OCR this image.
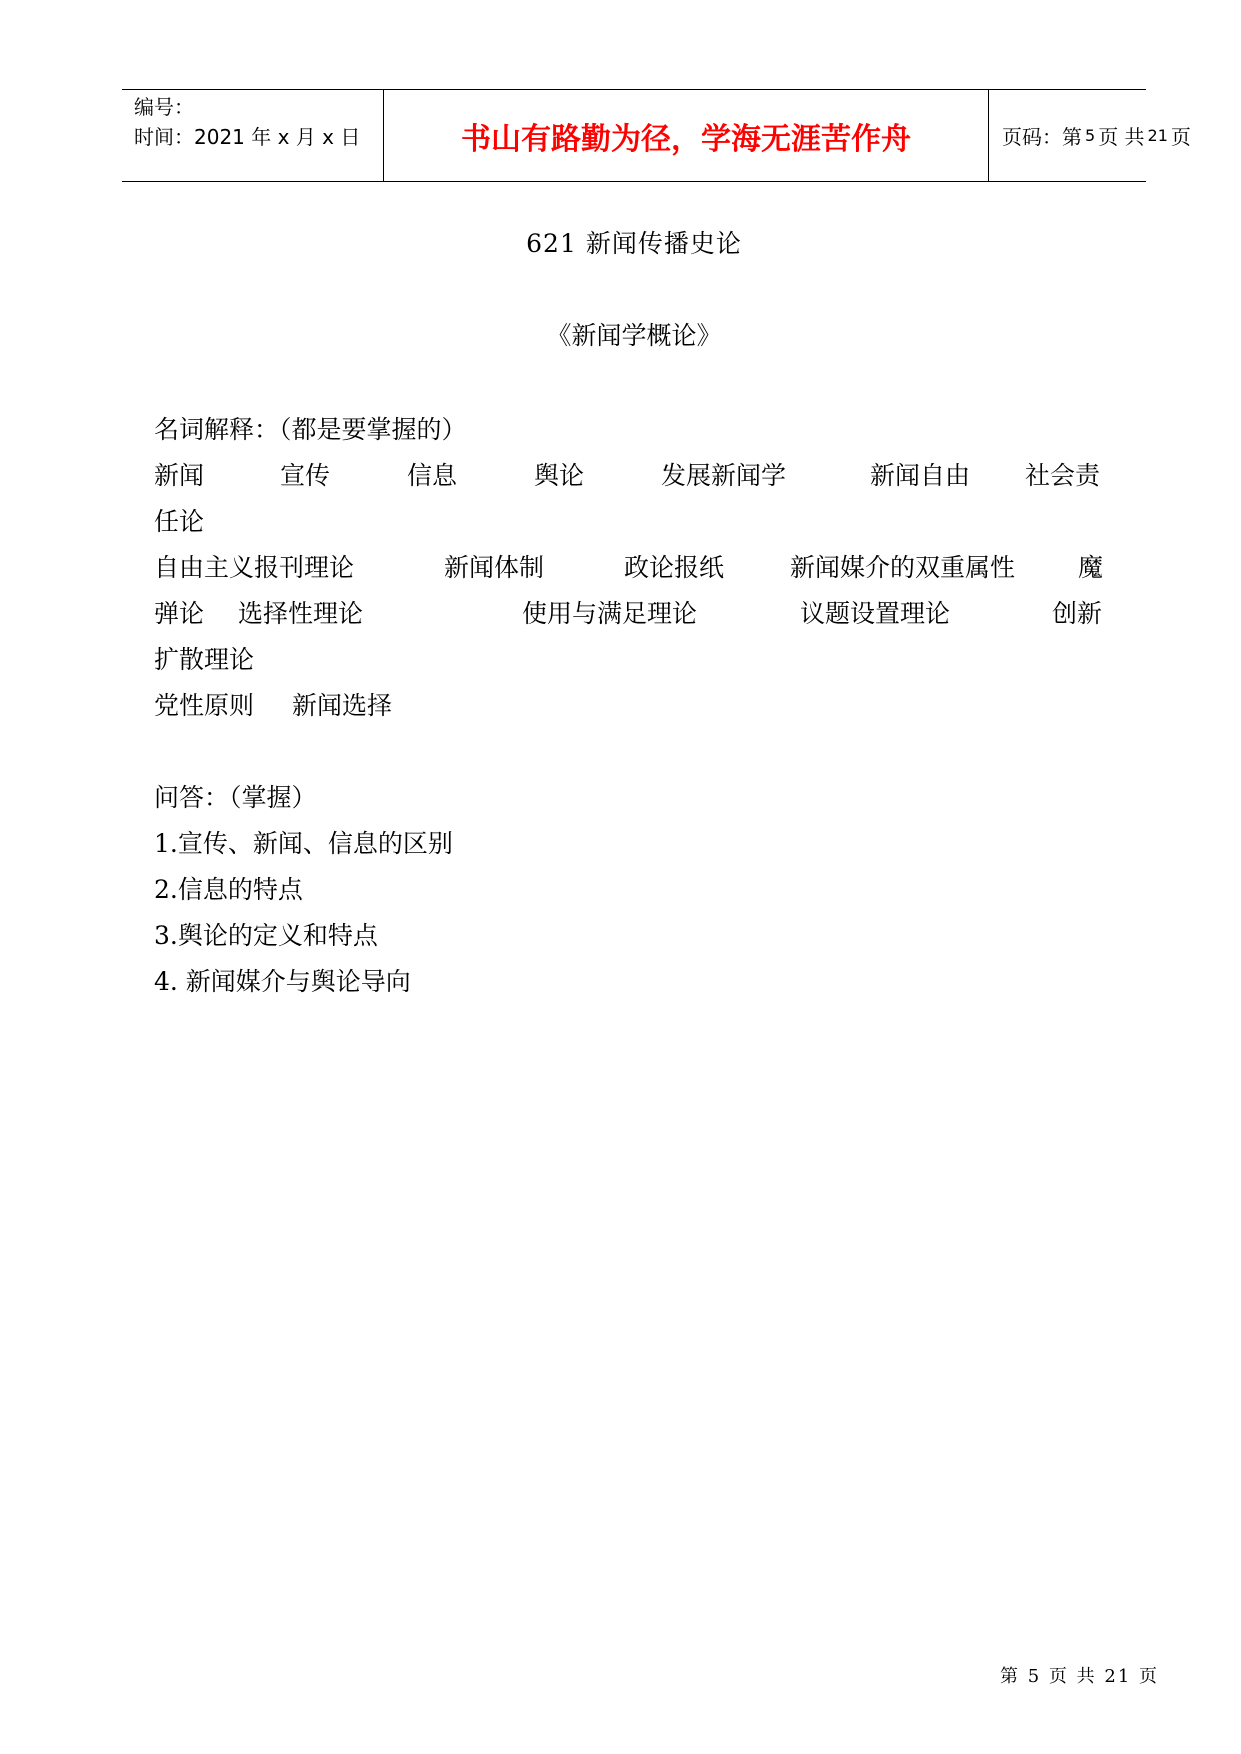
编号：
时间：2021 年 x 月 x 日	书山有路勤为径，学海无涯苦作舟	页码：第 5 页 共 21 页
621 新闻传播史论
《新闻学概论》
名词解释：（都是要掌握的）
新闻	宣传	信息	舆论	发展新闻学	新闻自由 社会责
任论
自由主义报刊理论	新闻体制	政论报纸	新闻媒介的双重属性	魔
弹论 选择性理论	使用与满足理论	议题设置理论	创新
扩散理论
党性原则 新闻选择
问答：（掌握）
1.宣传、新闻、信息的区别
2.信息的特点
3.舆论的定义和特点
4. 新闻媒介与舆论导向
第 5 页 共 21 页
